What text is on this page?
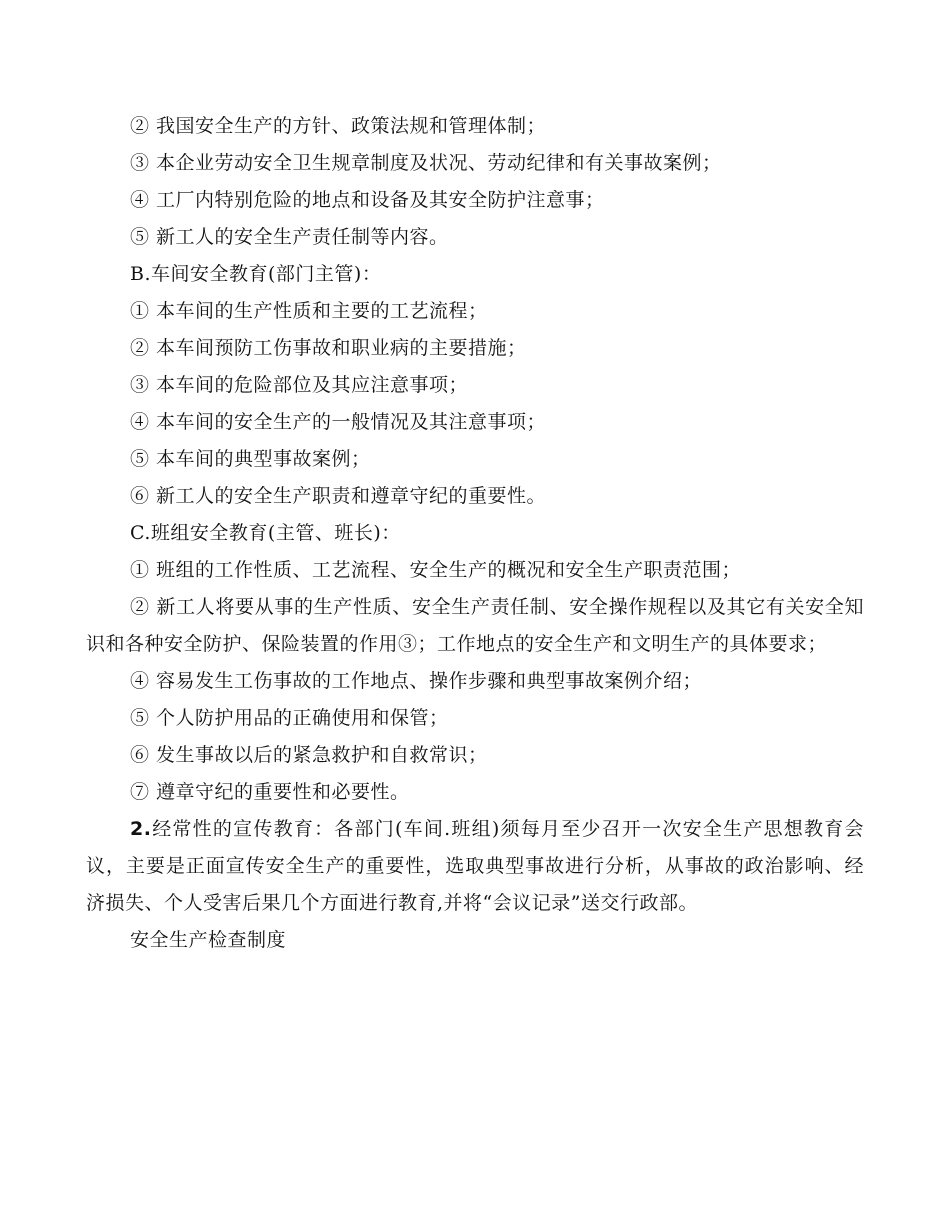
② 我国安全生产的方针、政策法规和管理体制；

③ 本企业劳动安全卫生规章制度及状况、劳动纪律和有关事故案例；

④ 工厂内特别危险的地点和设备及其安全防护注意事；

⑤ 新工人的安全生产责任制等内容。

B.车间安全教育(部门主管)：

① 本车间的生产性质和主要的工艺流程；

② 本车间预防工伤事故和职业病的主要措施；

③ 本车间的危险部位及其应注意事项；

④ 本车间的安全生产的一般情况及其注意事项；

⑤ 本车间的典型事故案例；

⑥ 新工人的安全生产职责和遵章守纪的重要性。

C.班组安全教育(主管、班长)：

① 班组的工作性质、工艺流程、安全生产的概况和安全生产职责范围；

② 新工人将要从事的生产性质、安全生产责任制、安全操作规程以及其它有关安全知识和各种安全防护、保险装置的作用③；工作地点的安全生产和文明生产的具体要求；

④ 容易发生工伤事故的工作地点、操作步骤和典型事故案例介绍；

⑤ 个人防护用品的正确使用和保管；

⑥ 发生事故以后的紧急救护和自救常识；

⑦ 遵章守纪的重要性和必要性。

2.经常性的宣传教育：各部门(车间.班组)须每月至少召开一次安全生产思想教育会议，主要是正面宣传安全生产的重要性，选取典型事故进行分析，从事故的政治影响、经济损失、个人受害后果几个方面进行教育,并将“会议记录”送交行政部。

安全生产检查制度
